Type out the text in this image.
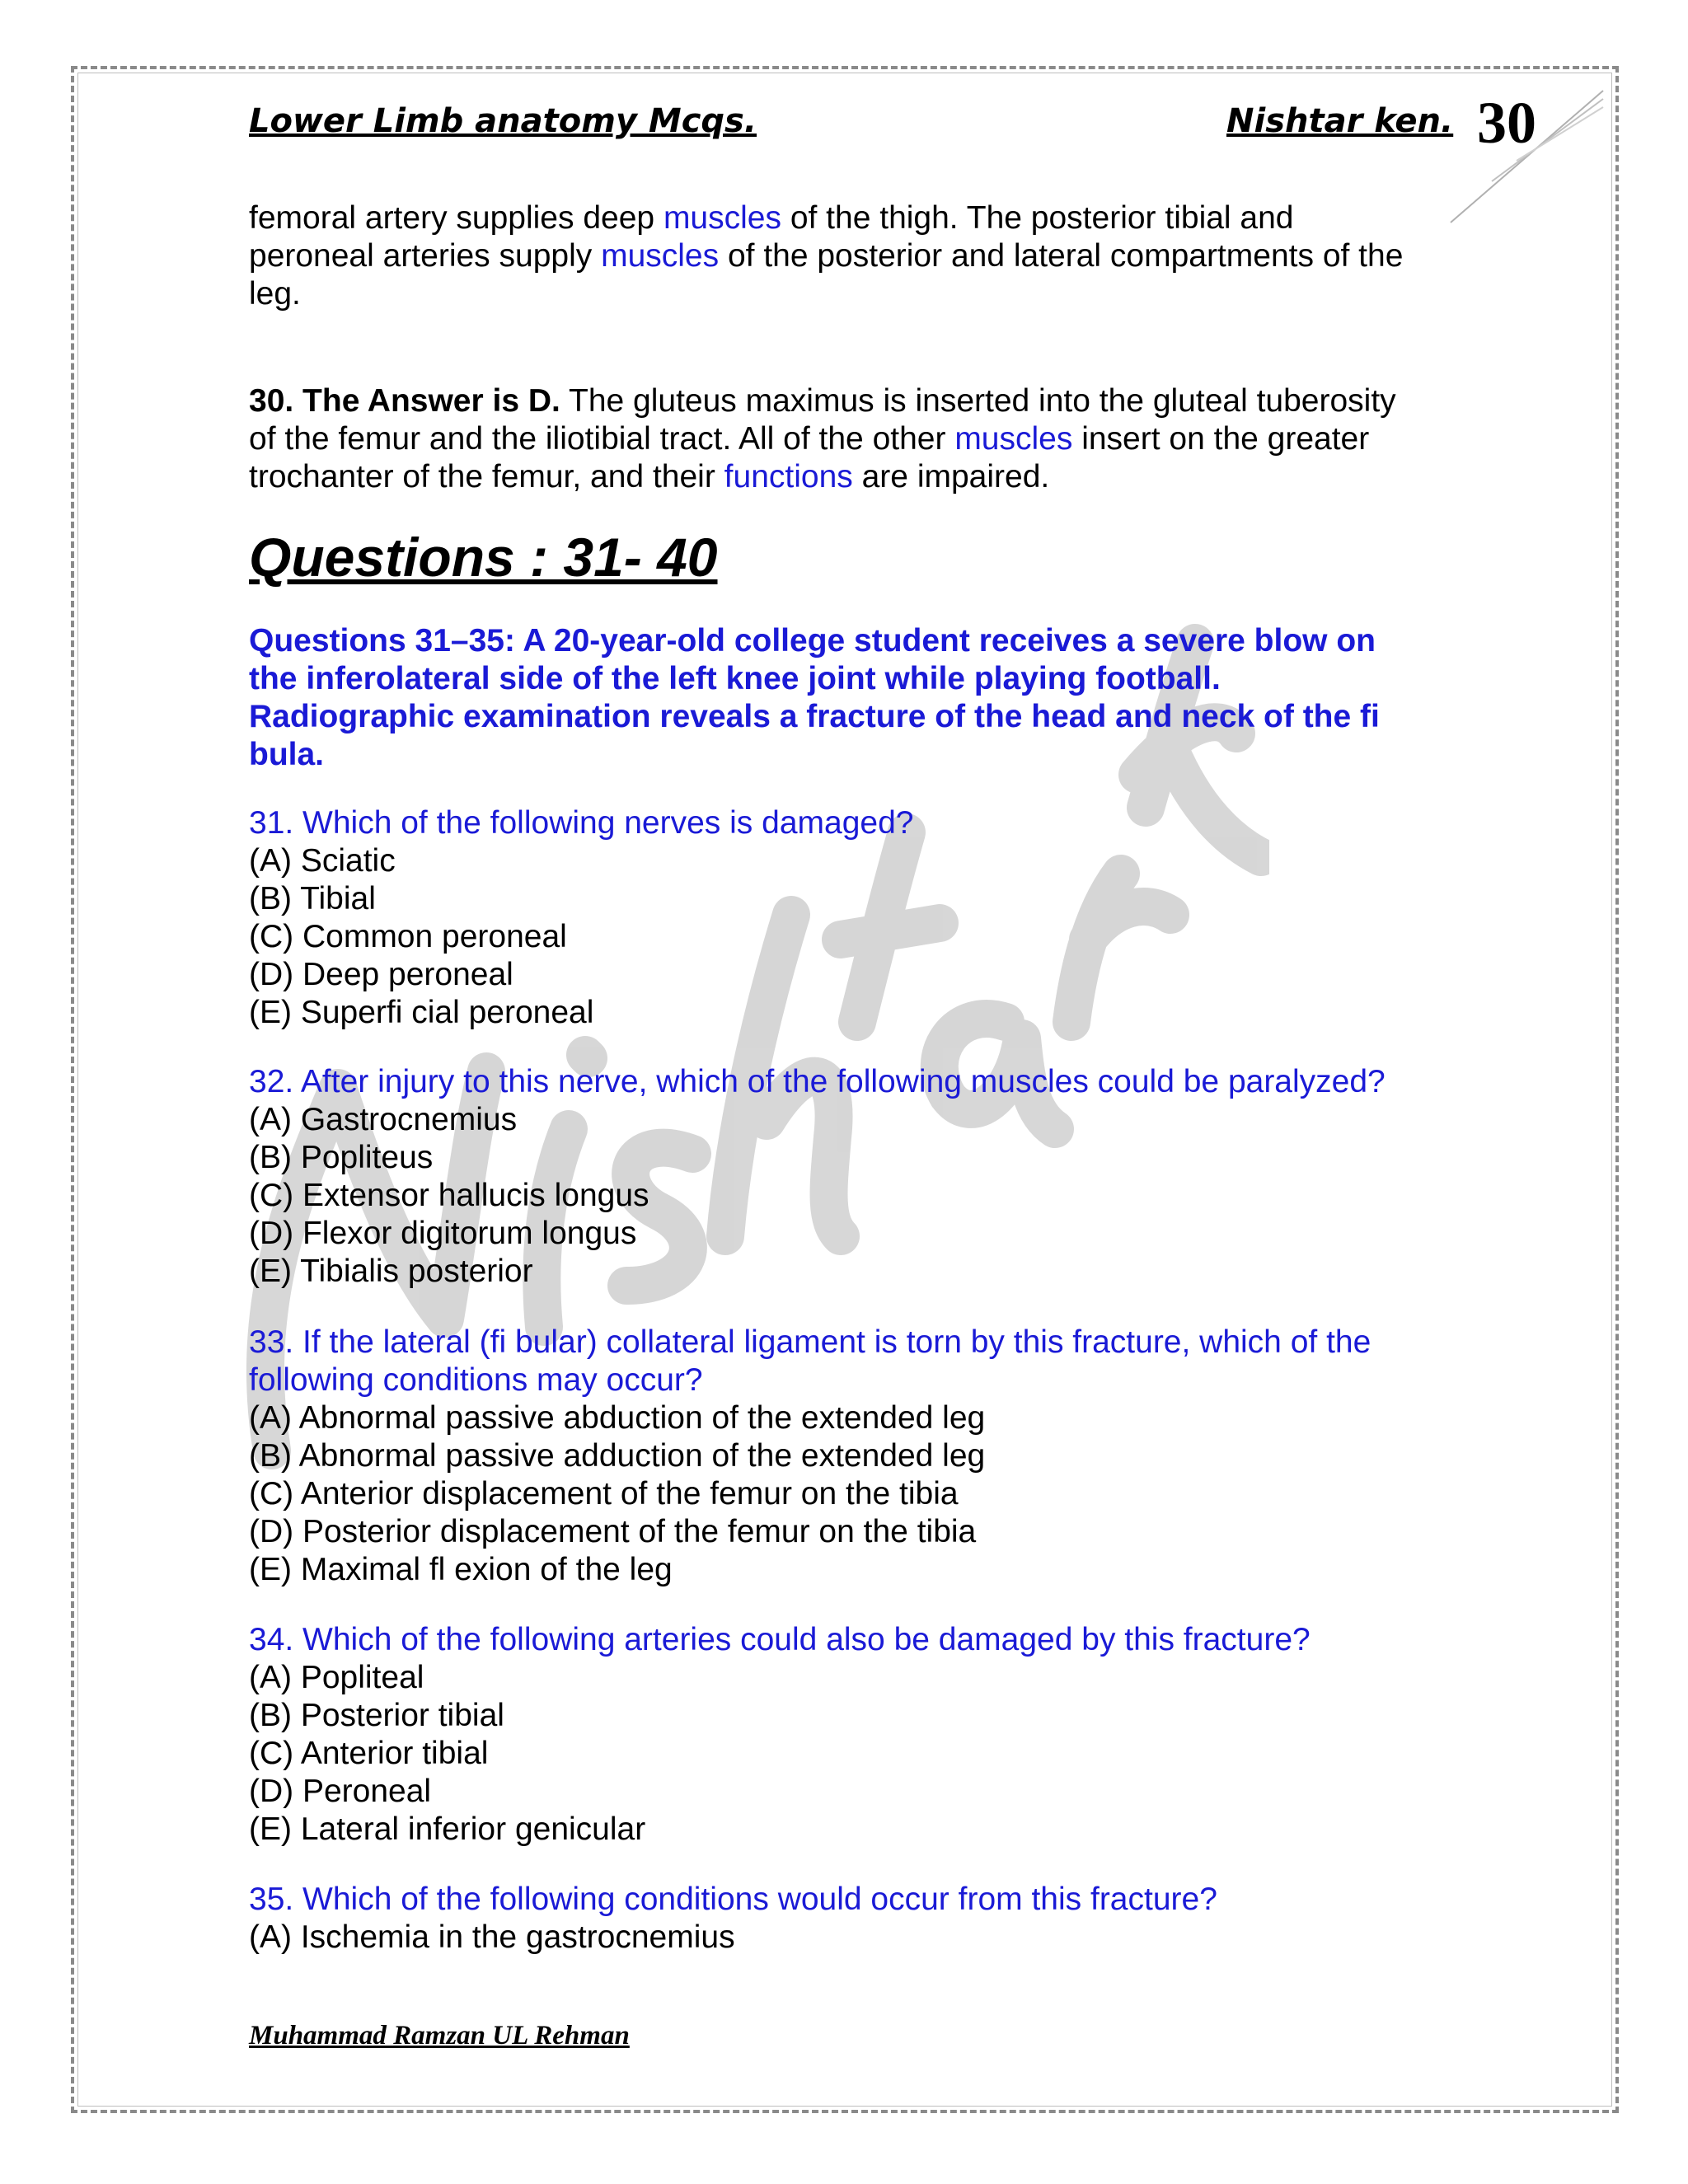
Lower Limb anatomy Mcqs.	Nishtar ken. 30
femoral artery supplies deep muscles of the thigh. The posterior tibial and
peroneal arteries supply muscles of the posterior and lateral compartments of the
leg.
30. The Answer is D. The gluteus maximus is inserted into the gluteal tuberosity
of the femur and the iliotibial tract. All of the other muscles insert on the greater
trochanter of the femur, and their functions are impaired.
Questions : 31- 40
Questions 31–35: A 20-year-old college student receives a severe blow on
the inferolateral side of the left knee joint while playing football.
Radiographic examination reveals a fracture of the head and neck of the fi
bula.
31. Which of the following nerves is damaged?
(A) Sciatic
(B) Tibial
(C) Common peroneal
(D) Deep peroneal
(E) Superfi cial peroneal
32. After injury to this nerve, which of the following muscles could be paralyzed?
(A) Gastrocnemius
(B) Popliteus
(C) Extensor hallucis longus
(D) Flexor digitorum longus
(E) Tibialis posterior
33. If the lateral (fi bular) collateral ligament is torn by this fracture, which of the
following conditions may occur?
(A) Abnormal passive abduction of the extended leg
(B) Abnormal passive adduction of the extended leg
(C) Anterior displacement of the femur on the tibia
(D) Posterior displacement of the femur on the tibia
(E) Maximal fl exion of the leg
34. Which of the following arteries could also be damaged by this fracture?
(A) Popliteal
(B) Posterior tibial
(C) Anterior tibial
(D) Peroneal
(E) Lateral inferior genicular
35. Which of the following conditions would occur from this fracture?
(A) Ischemia in the gastrocnemius
Muhammad Ramzan UL Rehman
